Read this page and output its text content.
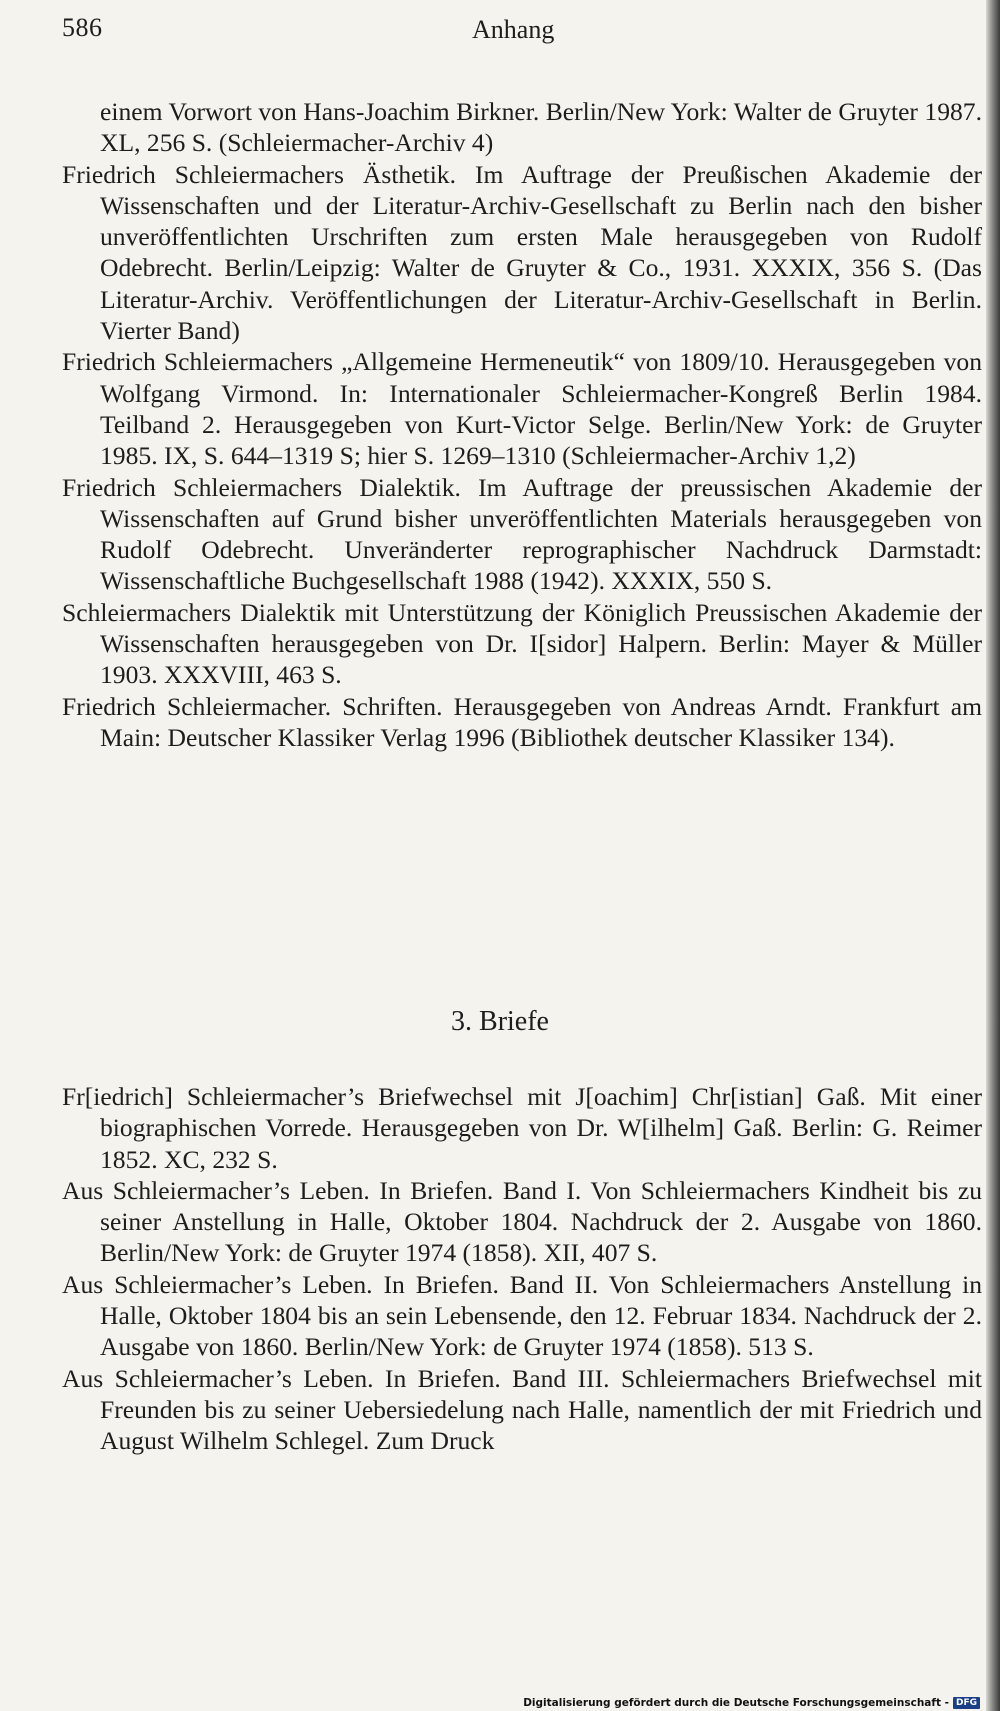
586	Anhang

einem Vorwort von Hans-Joachim Birkner. Berlin/New York: Walter de Gruyter 1987. XL, 256 S. (Schleiermacher-Archiv 4)

Friedrich Schleiermachers Ästhetik. Im Auftrage der Preußischen Akademie der Wissenschaften und der Literatur-Archiv-Gesellschaft zu Berlin nach den bisher unveröffentlichten Urschriften zum ersten Male herausgegeben von Rudolf Odebrecht. Berlin/Leipzig: Walter de Gruyter & Co., 1931. XXXIX, 356 S. (Das Literatur-Archiv. Veröffentlichungen der Literatur-Archiv-Gesellschaft in Berlin. Vierter Band)

Friedrich Schleiermachers „Allgemeine Hermeneutik“ von 1809/10. Herausgegeben von Wolfgang Virmond. In: Internationaler Schleiermacher-Kongreß Berlin 1984. Teilband 2. Herausgegeben von Kurt-Victor Selge. Berlin/New York: de Gruyter 1985. IX, S. 644–1319 S; hier S. 1269–1310 (Schleiermacher-Archiv 1,2)

Friedrich Schleiermachers Dialektik. Im Auftrage der preussischen Akademie der Wissenschaften auf Grund bisher unveröffentlichten Materials herausgegeben von Rudolf Odebrecht. Unveränderter reprographischer Nachdruck Darmstadt: Wissenschaftliche Buchgesellschaft 1988 (1942). XXXIX, 550 S.

Schleiermachers Dialektik mit Unterstützung der Königlich Preussischen Akademie der Wissenschaften herausgegeben von Dr. I[sidor] Halpern. Berlin: Mayer & Müller 1903. XXXVIII, 463 S.

Friedrich Schleiermacher. Schriften. Herausgegeben von Andreas Arndt. Frankfurt am Main: Deutscher Klassiker Verlag 1996 (Bibliothek deutscher Klassiker 134).

3. Briefe

Fr[iedrich] Schleiermacher’s Briefwechsel mit J[oachim] Chr[istian] Gaß. Mit einer biographischen Vorrede. Herausgegeben von Dr. W[ilhelm] Gaß. Berlin: G. Reimer 1852. XC, 232 S.

Aus Schleiermacher’s Leben. In Briefen. Band I. Von Schleiermachers Kindheit bis zu seiner Anstellung in Halle, Oktober 1804. Nachdruck der 2. Ausgabe von 1860. Berlin/New York: de Gruyter 1974 (1858). XII, 407 S.

Aus Schleiermacher’s Leben. In Briefen. Band II. Von Schleiermachers Anstellung in Halle, Oktober 1804 bis an sein Lebensende, den 12. Februar 1834. Nachdruck der 2. Ausgabe von 1860. Berlin/New York: de Gruyter 1974 (1858). 513 S.

Aus Schleiermacher’s Leben. In Briefen. Band III. Schleiermachers Briefwechsel mit Freunden bis zu seiner Uebersiedelung nach Halle, namentlich der mit Friedrich und August Wilhelm Schlegel. Zum Druck

Digitalisierung gefördert durch die Deutsche Forschungsgemeinschaft - DFG
